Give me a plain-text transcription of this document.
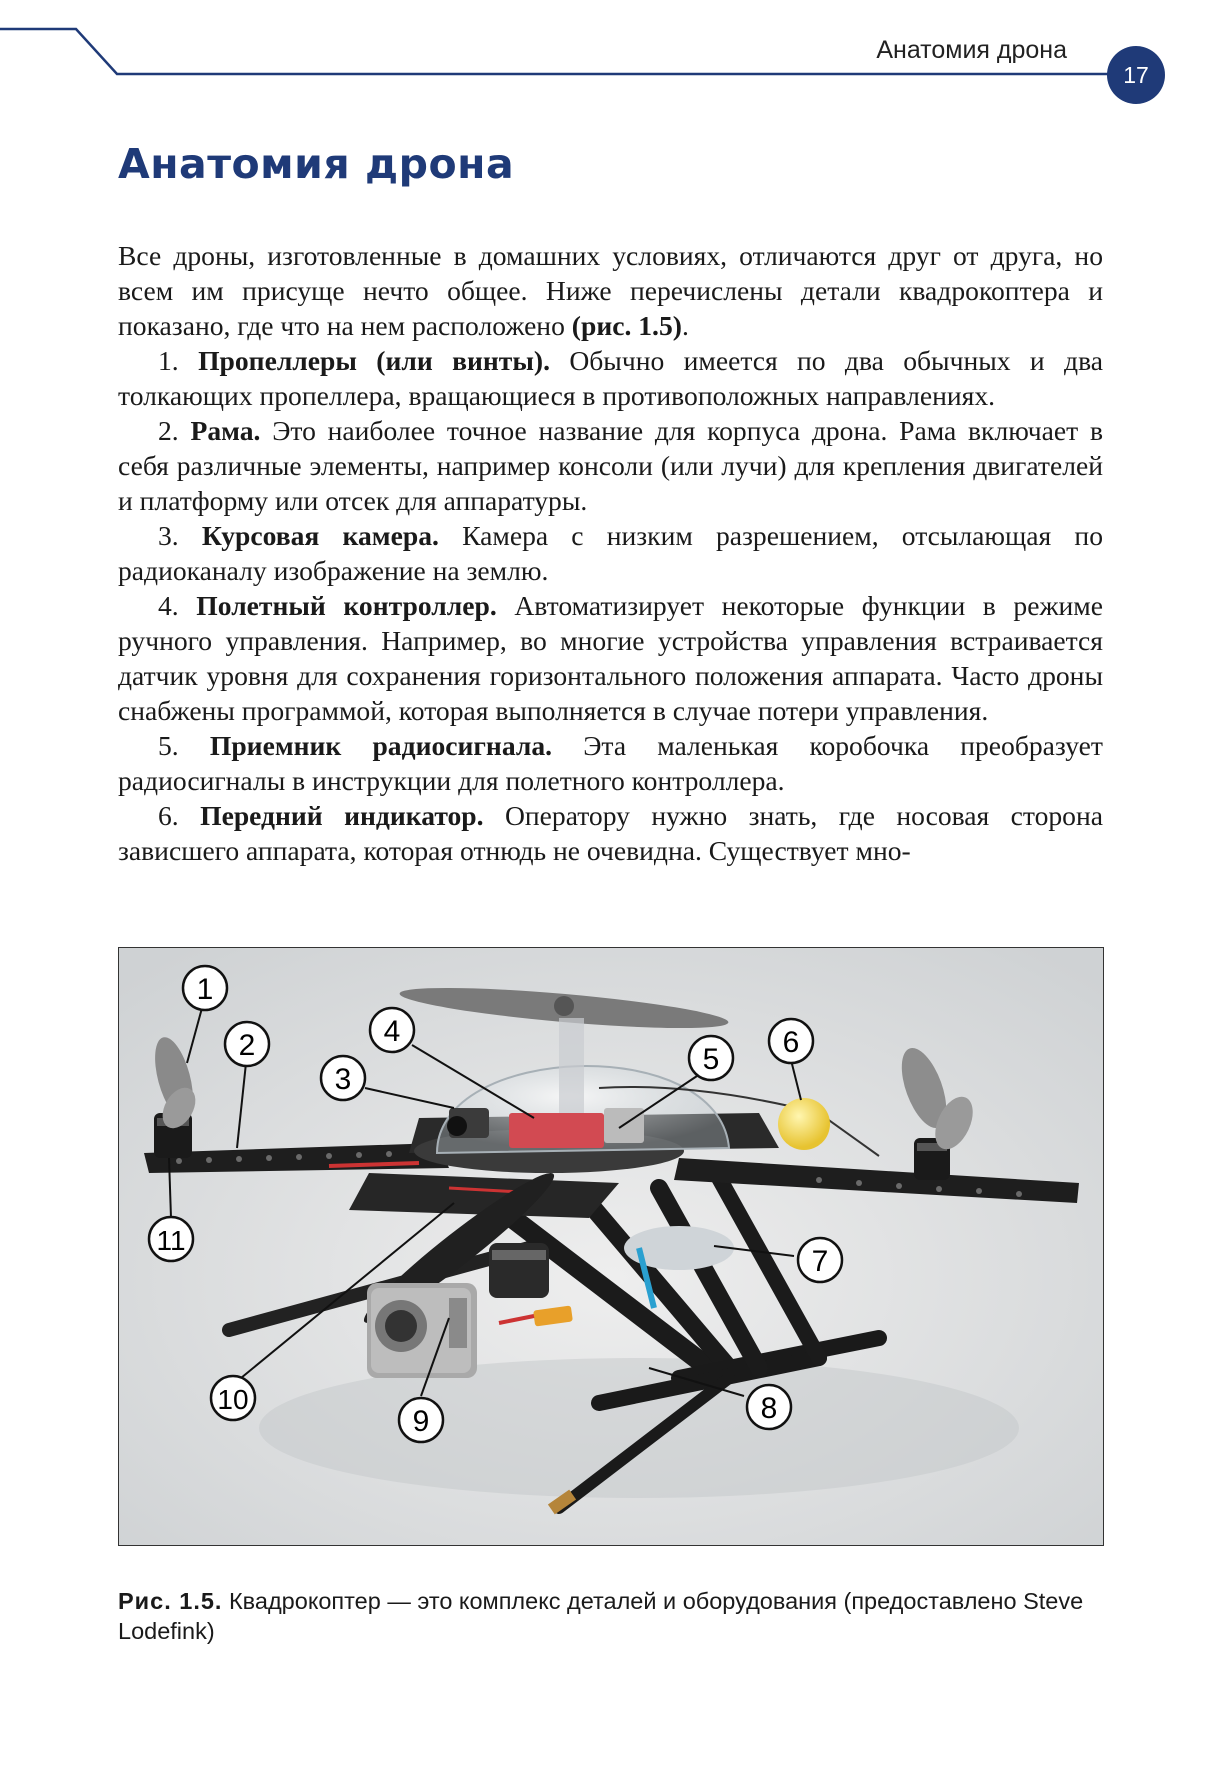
Анатомия дрона
17
Анатомия дрона

Все дроны, изготовленные в домашних условиях, отличаются друг от друга, но всем им присуще нечто общее. Ниже перечислены детали квадрокоптера и показано, где что на нем расположено (рис. 1.5).

1. Пропеллеры (или винты). Обычно имеется по два обычных и два толкающих пропеллера, вращающиеся в противоположных направлениях.

2. Рама. Это наиболее точное название для корпуса дрона. Рама включает в себя различные элементы, например консоли (или лучи) для крепления двигателей и платформу или отсек для аппаратуры.

3. Курсовая камера. Камера с низким разрешением, отсылающая по радиоканалу изображение на землю.

4. Полетный контроллер. Автоматизирует некоторые функции в режиме ручного управления. Например, во многие устройства управления встраивается датчик уровня для сохранения горизонтального положения аппарата. Часто дроны снабжены программой, которая выполняется в случае потери управления.

5. Приемник радиосигнала. Эта маленькая коробочка преобразует радиосигналы в инструкции для полетного контроллера.

6. Передний индикатор. Оператору нужно знать, где носовая сторона зависшего аппарата, которая отнюдь не очевидна. Существует мно-

1
2
3
4
5
6
7
8
9
10
11
Рис. 1.5. Квадрокоптер — это комплекс деталей и оборудования (предоставлено Steve Lodefink)
